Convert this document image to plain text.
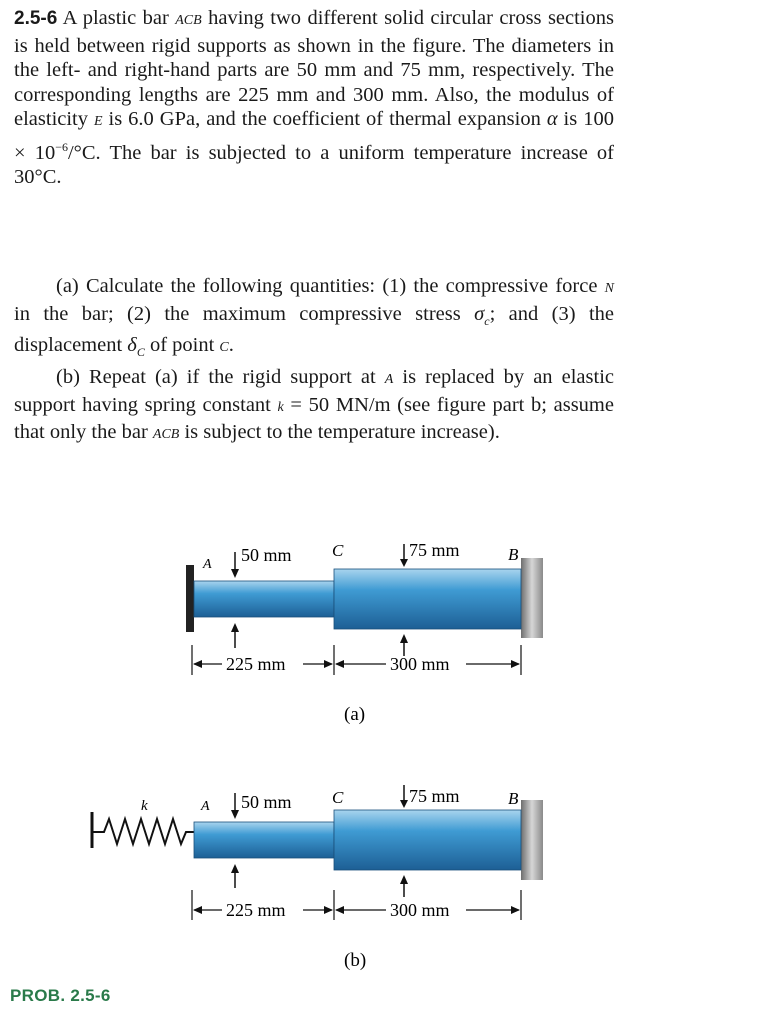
2.5-6 A plastic bar ACB having two different solid circular cross sections is held between rigid supports as shown in the figure. The diameters in the left- and right-hand parts are 50 mm and 75 mm, respectively. The corresponding lengths are 225 mm and 300 mm. Also, the modulus of elasticity E is 6.0 GPa, and the coefficient of thermal expansion α is $100 \times 10^{-6}/^\circ C$. The bar is subjected to a uniform temperature increase of 30°C.

(a) Calculate the following quantities: (1) the compressive force N in the bar; (2) the maximum compressive stress $\sigma_c$; and (3) the displacement $\delta_C$ of point C.
(b) Repeat (a) if the rigid support at A is replaced by an elastic support having spring constant k = 50 MN/m (see figure part b; assume that only the bar ACB is subject to the temperature increase).

A 50 mm C	75 mm	B
225 mm	300 mm
(a)
k	A 50 mm C	75 mm	B
225 mm	300 mm
(b)
PROB. 2.5-6
